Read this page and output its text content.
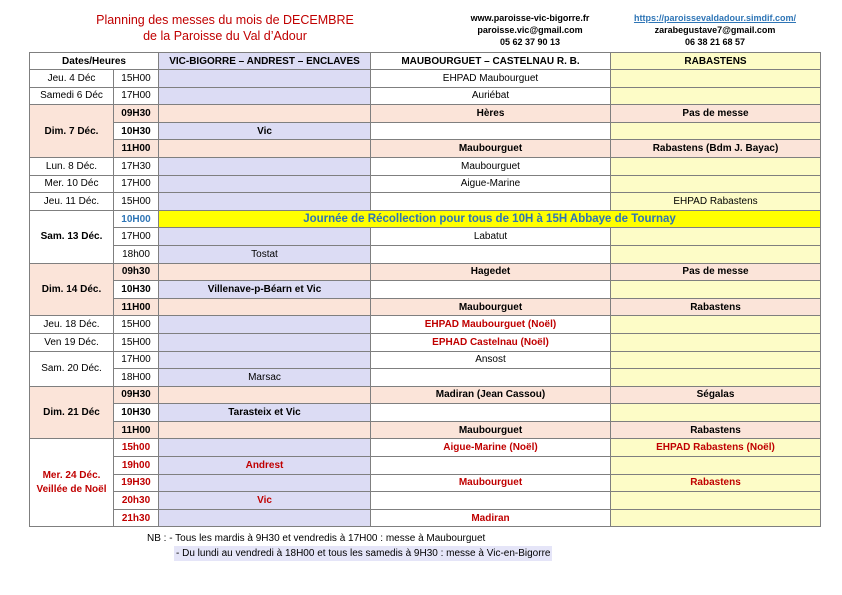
Planning des messes du mois de DECEMBRE
de la Paroisse du Val d’Adour
www.paroisse-vic-bigorre.fr
paroisse.vic@gmail.com
05 62 37 90 13
https://paroissevaldadour.simdif.com/
zarabegustave7@gmail.com
06 38 21 68 57
Dates/Heures		VIC-BIGORRE – ANDREST – ENCLAVES	MAUBOURGUET – CASTELNAU R. B.	RABASTENS
Jeu. 4 Déc	15H00		EHPAD Maubourguet	
Samedi 6 Déc	17H00		Auriébat	
Dim. 7 Déc.	09H30		Hères	Pas de messe
	10H30	Vic		
	11H00		Maubourguet	Rabastens (Bdm J. Bayac)
Lun. 8 Déc.	17H30		Maubourguet	
Mer. 10 Déc	17H00		Aigue-Marine	
Jeu. 11 Déc.	15H00			EHPAD Rabastens
Sam. 13 Déc.	10H00	Journée de Récollection pour tous de 10H à 15H Abbaye de Tournay		
	17H00		Labatut	
	18h00	Tostat		
Dim. 14 Déc.	09h30		Hagedet	Pas de messe
	10H30	Villenave-p-Béarn et Vic		
	11H00		Maubourguet	Rabastens
Jeu. 18 Déc.	15H00		EHPAD Maubourguet (Noël)	
Ven 19 Déc.	15H00		EPHAD Castelnau (Noël)	
Sam. 20 Déc.	17H00		Ansost	
	18H00	Marsac		
Dim. 21 Déc	09H30		Madiran (Jean Cassou)	Ségalas
	10H30	Tarasteix et Vic		
	11H00		Maubourguet	Rabastens
Mer. 24 Déc. Veillée de Noël	15h00		Aigue-Marine (Noël)	EHPAD Rabastens (Noël)
	19h00	Andrest		
	19H30		Maubourguet	Rabastens
	20h30	Vic		
	21h30		Madiran	
NB : - Tous les mardis à 9H30 et vendredis à 17H00 : messe à Maubourguet
- Du lundi au vendredi à 18H00 et tous les samedis à 9H30 : messe à Vic-en-Bigorre
